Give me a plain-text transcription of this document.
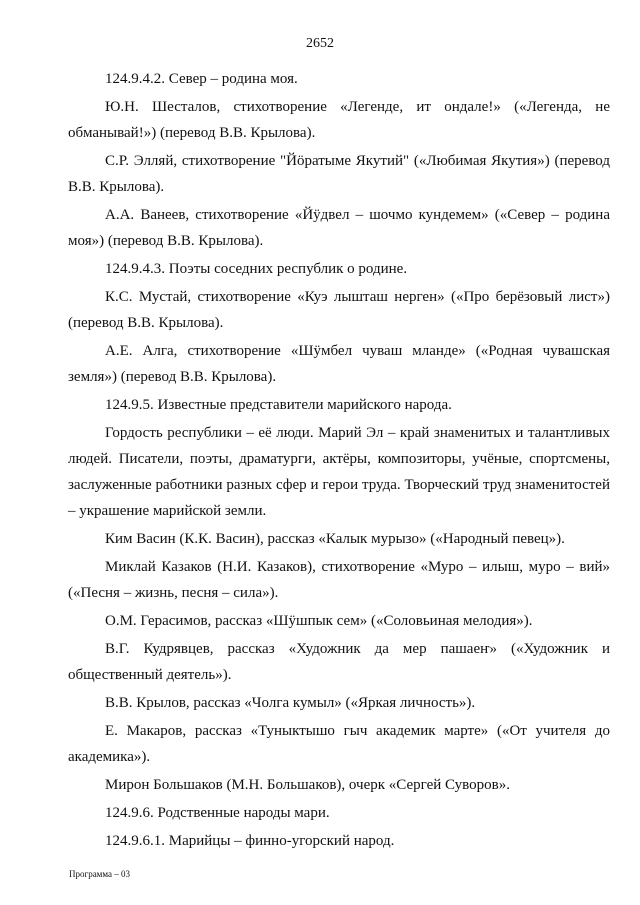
2652

124.9.4.2. Север – родина моя.

Ю.Н. Шесталов, стихотворение «Легенде, ит ондале!» («Легенда, не обманывай!») (перевод В.В. Крылова).

С.Р. Элляй, стихотворение "Йöратыме Якутий" («Любимая Якутия») (перевод В.В. Крылова).

А.А. Ванеев, стихотворение «Йÿдвел – шочмо кундемем» («Север – родина моя») (перевод В.В. Крылова).

124.9.4.3. Поэты соседних республик о родине.

К.С. Мустай, стихотворение «Куэ лышташ нерген» («Про берёзовый лист») (перевод В.В. Крылова).

А.Е. Алга, стихотворение «Шӱмбел чуваш мланде» («Родная чувашская земля») (перевод В.В. Крылова).

124.9.5. Известные представители марийского народа.

Гордость республики – её люди. Марий Эл – край знаменитых и талантливых людей. Писатели, поэты, драматурги, актёры, композиторы, учёные, спортсмены, заслуженные работники разных сфер и герои труда. Творческий труд знаменитостей – украшение марийской земли.

Ким Васин (К.К. Васин), рассказ «Калык мурызо» («Народный певец»).

Миклай Казаков (Н.И. Казаков), стихотворение «Муро – илыш, муро – вий» («Песня – жизнь, песня – сила»).

О.М. Герасимов, рассказ «Шÿшпык сем» («Соловьиная мелодия»).

В.Г. Кудрявцев, рассказ «Художник да мер пашаеҥ» («Художник и общественный деятель»).

В.В. Крылов, рассказ «Чолга кумыл» («Яркая личность»).

Е. Макаров, рассказ «Туныктышо гыч академик марте» («От учителя до академика»).

Мирон Большаков (М.Н. Большаков), очерк «Сергей Суворов».

124.9.6. Родственные народы мари.

124.9.6.1. Марийцы – финно-угорский народ.

Программа – 03
